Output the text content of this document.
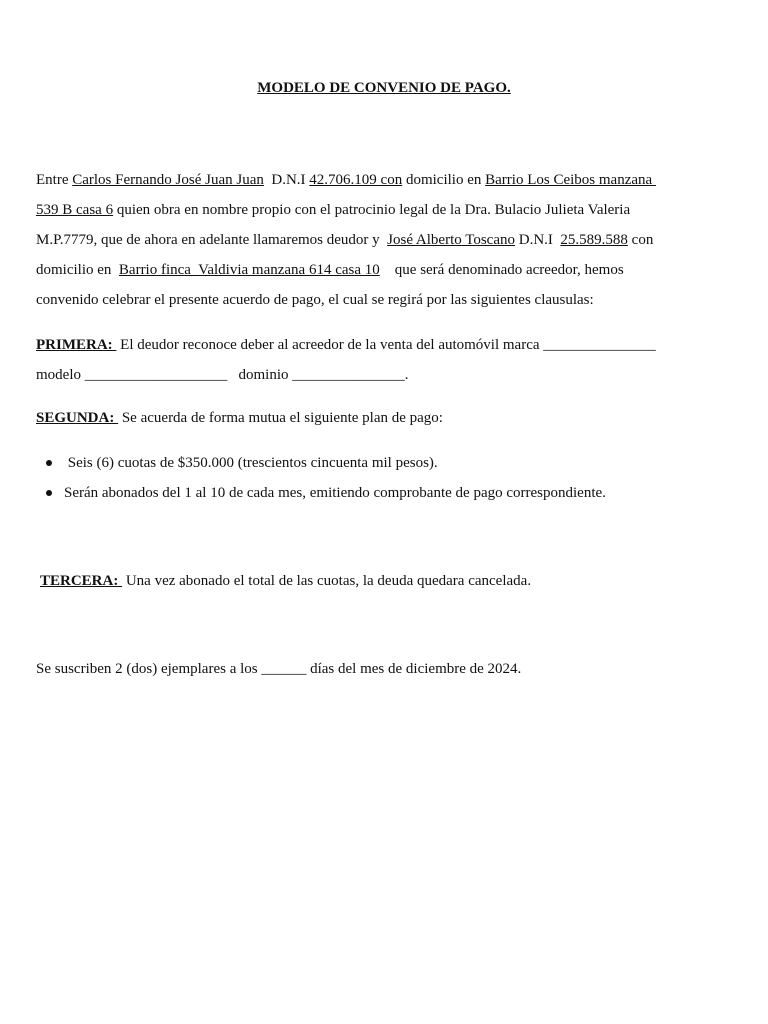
MODELO DE CONVENIO DE PAGO.
Entre Carlos Fernando José Juan Juan  D.N.I 42.706.109 con domicilio en Barrio Los Ceibos manzana
539 B casa 6 quien obra en nombre propio con el patrocinio legal de la Dra. Bulacio Julieta Valeria
M.P.7779, que de ahora en adelante llamaremos deudor y  José Alberto Toscano D.N.I  25.589.588 con
domicilio en  Barrio finca  Valdivia manzana 614 casa 10    que será denominado acreedor, hemos
convenido celebrar el presente acuerdo de pago, el cual se regirá por las siguientes clausulas:
PRIMERA:  El deudor reconoce deber al acreedor de la venta del automóvil marca _______________
modelo ___________________   dominio _______________.
SEGUNDA:  Se acuerda de forma mutua el siguiente plan de pago:
Seis (6) cuotas de $350.000 (trescientos cincuenta mil pesos).
Serán abonados del 1 al 10 de cada mes, emitiendo comprobante de pago correspondiente.
TERCERA:  Una vez abonado el total de las cuotas, la deuda quedara cancelada.
Se suscriben 2 (dos) ejemplares a los ______ días del mes de diciembre de 2024.
